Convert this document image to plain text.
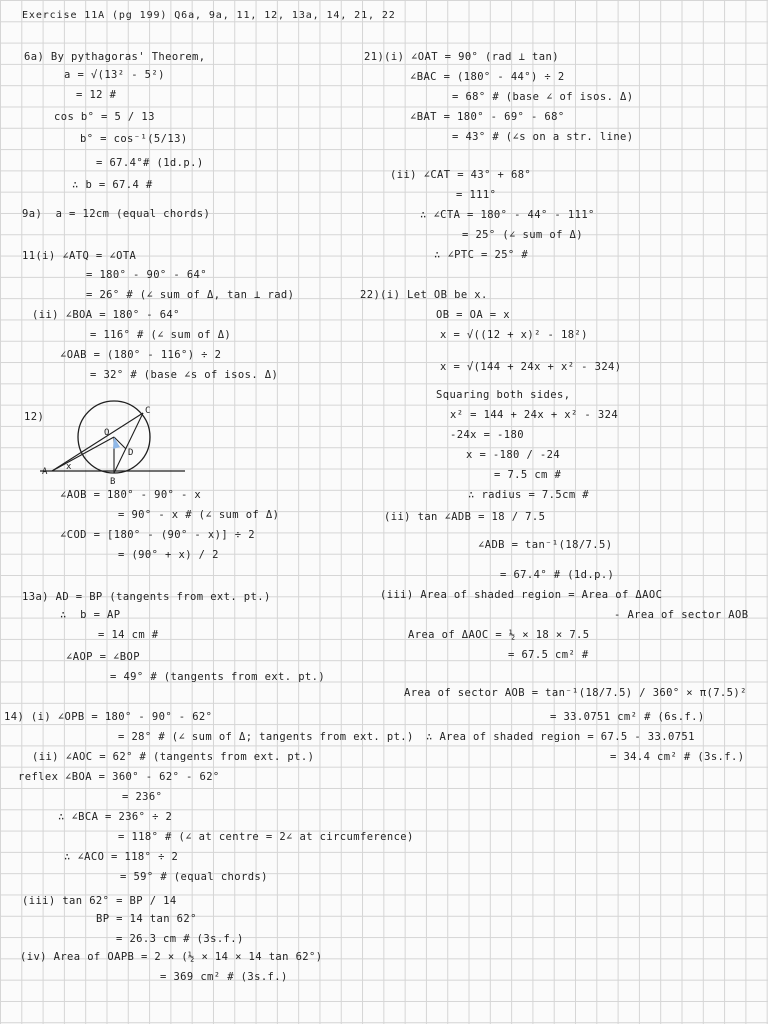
Exercise 11A (pg 199) Q6a, 9a, 11, 12, 13a, 14, 21, 22
6a) By pythagoras' Theorem,
a = √(13² - 5²)
= 12 #
cos b° = 5 / 13
b° = cos⁻¹(5/13)
= 67.4°# (1d.p.)
∴ b = 67.4 #
9a)  a = 12cm (equal chords)
11(i) ∠ATQ = ∠OTA
= 180° - 90° - 64°
= 26° # (∠ sum of Δ, tan ⊥ rad)
(ii) ∠BOA = 180° - 64°
= 116° # (∠ sum of Δ)
∠OAB = (180° - 116°) ÷ 2
= 32° # (base ∠s of isos. Δ)
12)	C
O
D
A
B
x
∠AOB = 180° - 90° - x
= 90° - x # (∠ sum of Δ)
∠COD = [180° - (90° - x)] ÷ 2
= (90° + x) / 2
13a) AD = BP (tangents from ext. pt.)
∴  b = AP
= 14 cm #
∠AOP = ∠BOP
= 49° # (tangents from ext. pt.)
14) (i) ∠OPB = 180° - 90° - 62°
= 28° # (∠ sum of Δ; tangents from ext. pt.)
(ii) ∠AOC = 62° # (tangents from ext. pt.)
reflex ∠BOA = 360° - 62° - 62°
= 236°
∴ ∠BCA = 236° ÷ 2
= 118° # (∠ at centre = 2∠ at circumference)
∴ ∠ACO = 118° ÷ 2
= 59° # (equal chords)
(iii) tan 62° = BP / 14
BP = 14 tan 62°
= 26.3 cm # (3s.f.)
(iv) Area of OAPB = 2 × (½ × 14 × 14 tan 62°)
= 369 cm² # (3s.f.)
21)(i) ∠OAT = 90° (rad ⊥ tan)
∠BAC = (180° - 44°) ÷ 2
= 68° # (base ∠ of isos. Δ)
∠BAT = 180° - 69° - 68°
= 43° # (∠s on a str. line)
(ii) ∠CAT = 43° + 68°
= 111°
∴ ∠CTA = 180° - 44° - 111°
= 25° (∠ sum of Δ)
∴ ∠PTC = 25° #
22)(i) Let OB be x.
OB = OA = x
x = √((12 + x)² - 18²)
x = √(144 + 24x + x² - 324)
Squaring both sides,
x² = 144 + 24x + x² - 324
-24x = -180
x = -180 / -24
= 7.5 cm #
∴ radius = 7.5cm #
(ii) tan ∠ADB = 18 / 7.5
∠ADB = tan⁻¹(18/7.5)
= 67.4° # (1d.p.)
(iii) Area of shaded region = Area of ΔAOC
- Area of sector AOB
Area of ΔAOC = ½ × 18 × 7.5
= 67.5 cm² #
Area of sector AOB = tan⁻¹(18/7.5) / 360° × π(7.5)²
= 33.0751 cm² # (6s.f.)
∴ Area of shaded region = 67.5 - 33.0751
= 34.4 cm² # (3s.f.)
